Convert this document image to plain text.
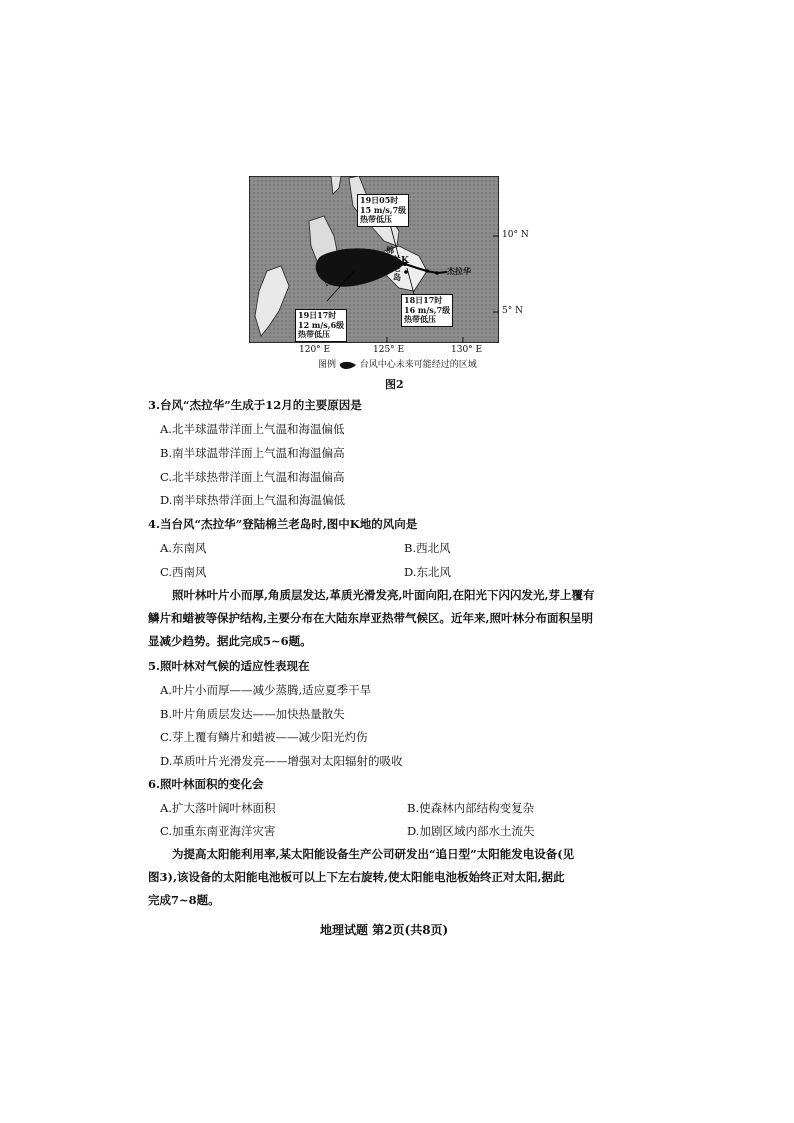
19日05时
15 m/s,7级
热带低压
19日17时
12 m/s,6级
热带低压
18日17时
16 m/s,7级
热带低压
棉
兰
老
岛
K
杰拉华
10° N
5° N
120° E	125° E	130° E
图例	台风中心未来可能经过的区域
图2
3.台风“杰拉华”生成于12月的主要原因是
A.北半球温带洋面上气温和海温偏低
B.南半球温带洋面上气温和海温偏高
C.北半球热带洋面上气温和海温偏高
D.南半球热带洋面上气温和海温偏低
4.当台风“杰拉华”登陆棉兰老岛时,图中K地的风向是
A.东南风	B.西北风
C.西南风	D.东北风

照叶林叶片小而厚,角质层发达,革质光滑发亮,叶面向阳,在阳光下闪闪发光,芽上覆有

鳞片和蜡被等保护结构,主要分布在大陆东岸亚热带气候区。近年来,照叶林分布面积呈明

显减少趋势。据此完成5~6题。

5.照叶林对气候的适应性表现在
A.叶片小而厚——减少蒸腾,适应夏季干旱
B.叶片角质层发达——加快热量散失
C.芽上覆有鳞片和蜡被——减少阳光灼伤
D.革质叶片光滑发亮——增强对太阳辐射的吸收
6.照叶林面积的变化会
A.扩大落叶阔叶林面积	B.使森林内部结构变复杂
C.加重东南亚海洋灾害	D.加剧区域内部水土流失

为提高太阳能利用率,某太阳能设备生产公司研发出“追日型”太阳能发电设备(见

图3),该设备的太阳能电池板可以上下左右旋转,使太阳能电池板始终正对太阳,据此

完成7~8题。

地理试题 第2页(共8页)
